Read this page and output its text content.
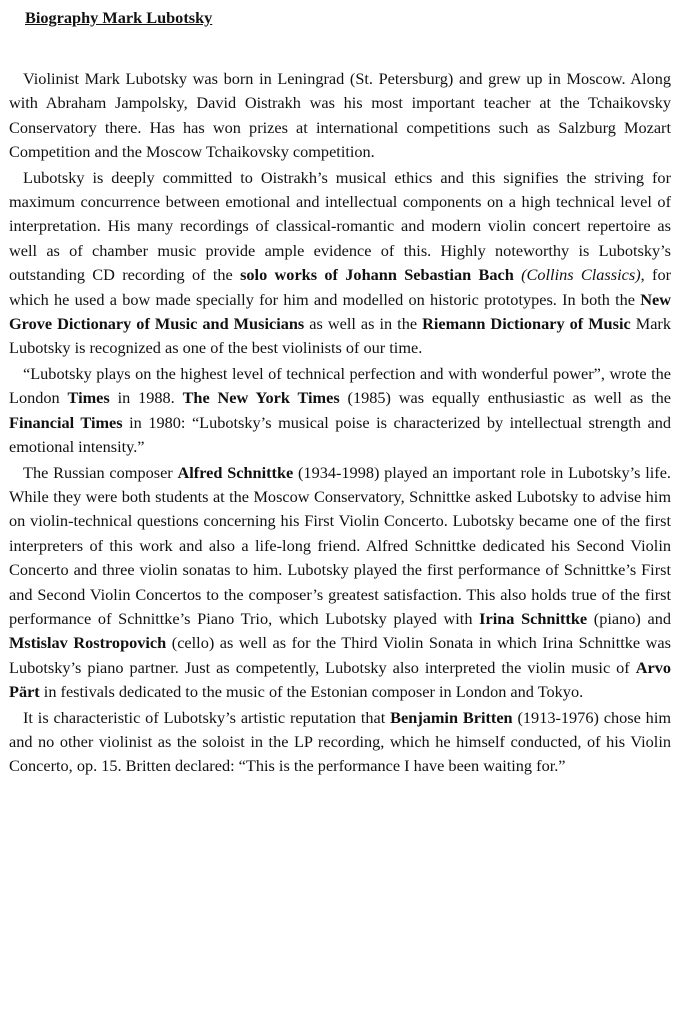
Biography Mark Lubotsky

Violinist Mark Lubotsky was born in Leningrad (St. Petersburg) and grew up in Moscow. Along with Abraham Jampolsky, David Oistrakh was his most important teacher at the Tchaikovsky Conservatory there. Has has won prizes at international competitions such as Salzburg Mozart Competition and the Moscow Tchaikovsky competition.

Lubotsky is deeply committed to Oistrakh’s musical ethics and this signifies the striving for maximum concurrence between emotional and intellectual components on a high technical level of interpretation. His many recordings of classical-romantic and modern violin concert repertoire as well as of chamber music provide ample evidence of this. Highly noteworthy is Lubotsky’s outstanding CD recording of the solo works of Johann Sebastian Bach (Collins Classics), for which he used a bow made specially for him and modelled on historic prototypes. In both the New Grove Dictionary of Music and Musicians as well as in the Riemann Dictionary of Music Mark Lubotsky is recognized as one of the best violinists of our time.

“Lubotsky plays on the highest level of technical perfection and with wonderful power”, wrote the London Times in 1988. The New York Times (1985) was equally enthusiastic as well as the Financial Times in 1980: “Lubotsky’s musical poise is characterized by intellectual strength and emotional intensity.”

The Russian composer Alfred Schnittke (1934-1998) played an important role in Lubotsky’s life. While they were both students at the Moscow Conservatory, Schnittke asked Lubotsky to advise him on violin-technical questions concerning his First Violin Concerto. Lubotsky became one of the first interpreters of this work and also a life-long friend. Alfred Schnittke dedicated his Second Violin Concerto and three violin sonatas to him. Lubotsky played the first performance of Schnittke’s First and Second Violin Concertos to the composer’s greatest satisfaction. This also holds true of the first performance of Schnittke’s Piano Trio, which Lubotsky played with Irina Schnittke (piano) and Mstislav Rostropovich (cello) as well as for the Third Violin Sonata in which Irina Schnittke was Lubotsky’s piano partner. Just as competently, Lubotsky also interpreted the violin music of Arvo Pärt in festivals dedicated to the music of the Estonian composer in London and Tokyo.

It is characteristic of Lubotsky’s artistic reputation that Benjamin Britten (1913-1976) chose him and no other violinist as the soloist in the LP recording, which he himself conducted, of his Violin Concerto, op. 15. Britten declared: “This is the performance I have been waiting for.”
